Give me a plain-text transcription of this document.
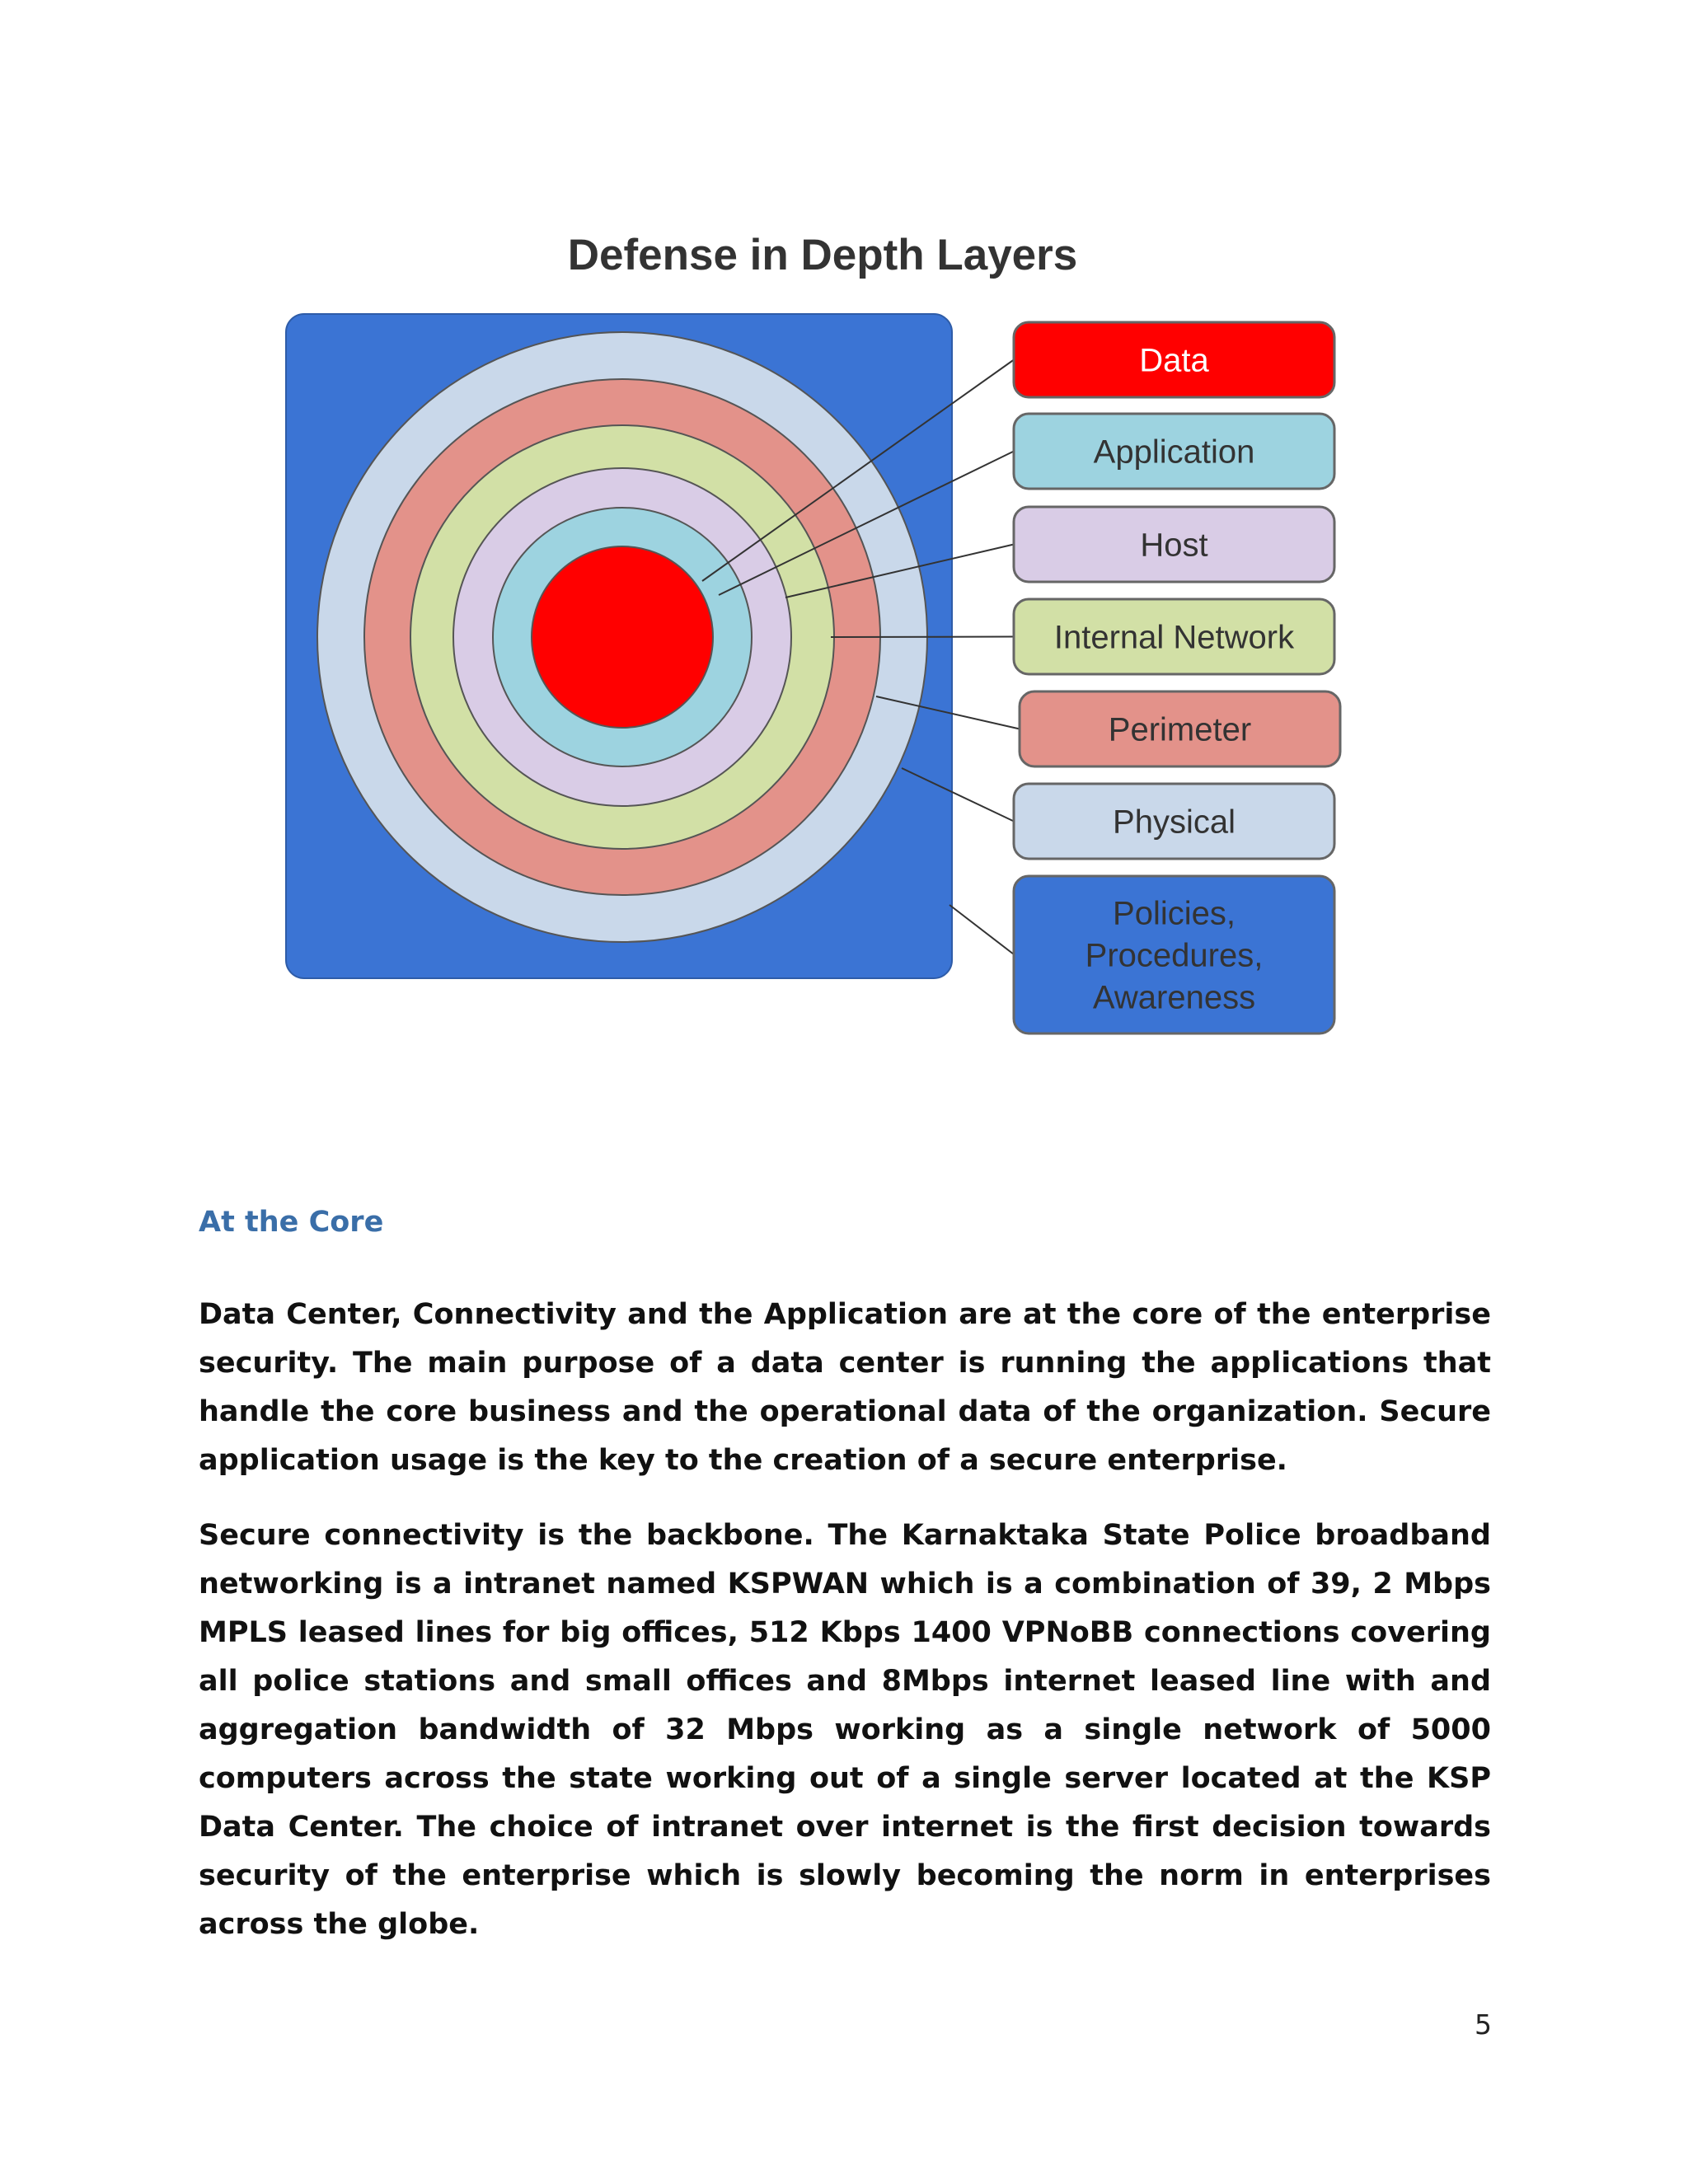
Defense in Depth Layers
Data
Application
Host
Internal Network
Perimeter
Physical
Policies,
Procedures,
Awareness
At the Core

Data Center, Connectivity and the Application are at the core of the enterprise security. The main purpose of a data center is running the applications that handle the core business and the operational data of the organization. Secure application usage is the key to the creation of a secure enterprise.

Secure connectivity is the backbone. The Karnaktaka State Police broadband networking is a intranet named KSPWAN which is a combination of 39, 2 Mbps MPLS leased lines for big offices, 512 Kbps 1400 VPNoBB connections covering all police stations and small offices and 8Mbps internet leased line with and aggregation bandwidth of 32 Mbps working as a single network of 5000 computers across the state working out of a single server located at the KSP Data Center. The choice of intranet over internet is the first decision towards security of the enterprise which is slowly becoming the norm in enterprises across the globe.

5
